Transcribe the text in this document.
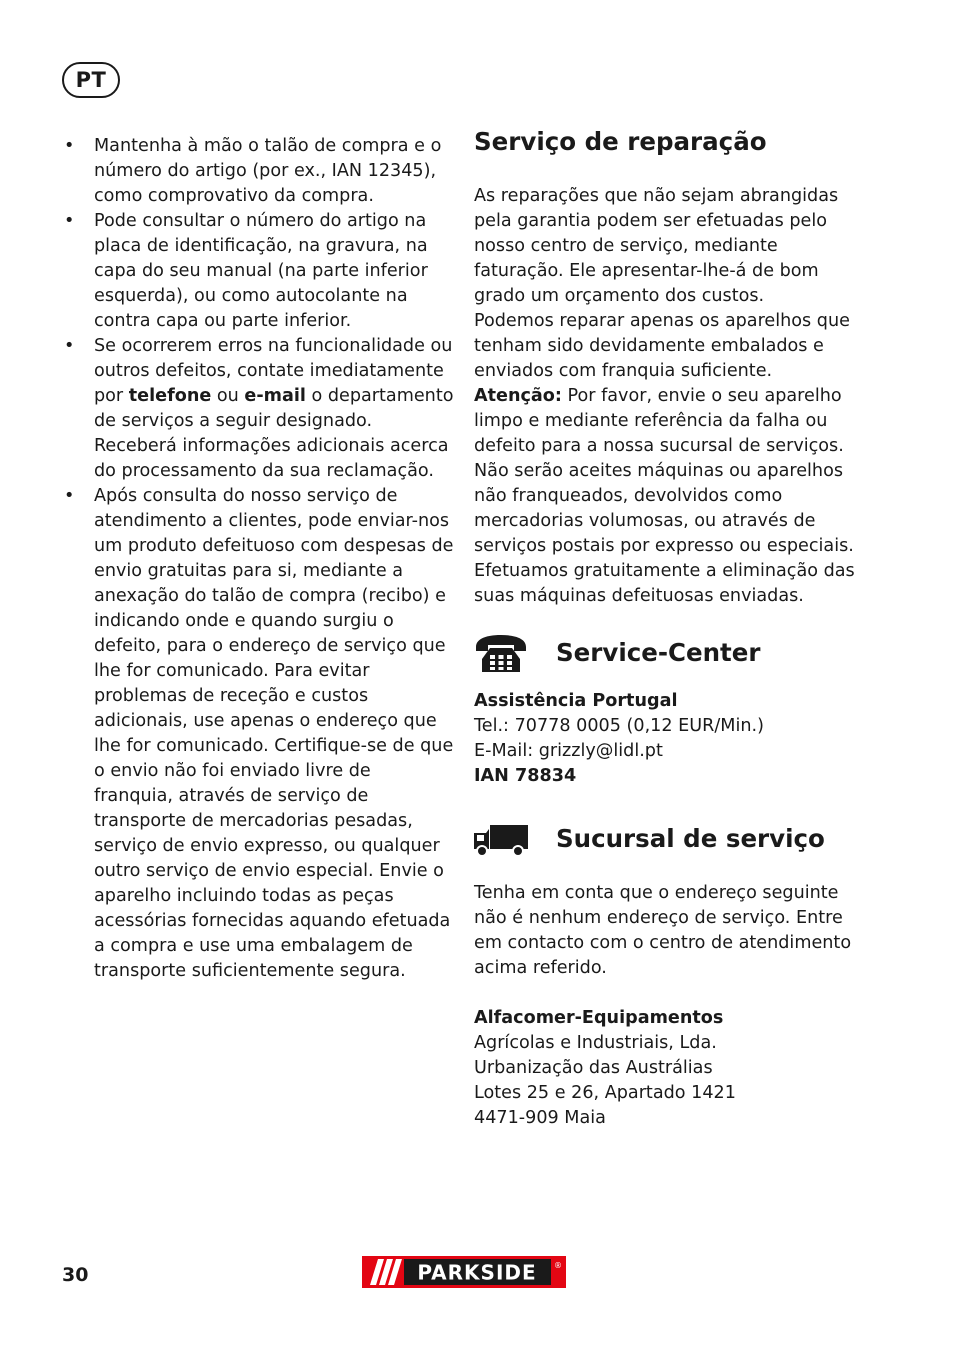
PT
• Mantenha à mão o talão de compra e o número do artigo (por ex., IAN 12345), como comprovativo da compra.
• Pode consultar o número do artigo na placa de identificação, na gravura, na capa do seu manual (na parte inferior esquerda), ou como autocolante na contra capa ou parte inferior.
• Se ocorrerem erros na funcionalidade ou outros defeitos, contate imediatamente por telefone ou e-mail o departamento de serviços a seguir designado. Receberá informações adicionais acerca do processamento da sua reclamação.
• Após consulta do nosso serviço de atendimento a clientes, pode enviar-nos um produto defeituoso com despesas de envio gratuitas para si, mediante a anexação do talão de compra (recibo) e indicando onde e quando surgiu o defeito, para o endereço de serviço que lhe for comunicado. Para evitar problemas de receção e custos adicionais, use apenas o endereço que lhe for comunicado. Certifique-se de que o envio não foi enviado livre de franquia, através de serviço de transporte de mercadorias pesadas, serviço de envio expresso, ou qualquer outro serviço de envio especial. Envie o aparelho incluindo todas as peças acessórias fornecidas aquando efetuada a compra e use uma embalagem de transporte suficientemente segura.
Serviço de reparação

As reparações que não sejam abrangidas pela garantia podem ser efetuadas pelo nosso centro de serviço, mediante faturação. Ele apresentar-lhe-á de bom grado um orçamento dos custos.

Podemos reparar apenas os aparelhos que tenham sido devidamente embalados e enviados com franquia suficiente.

Atenção: Por favor, envie o seu aparelho limpo e mediante referência da falha ou defeito para a nossa sucursal de serviços. Não serão aceites máquinas ou aparelhos não franqueados, devolvidos como mercadorias volumosas, ou através de serviços postais por expresso ou especiais. Efetuamos gratuitamente a eliminação das suas máquinas defeituosas enviadas.

Service-Center

Assistência Portugal

Tel.: 70778 0005 (0,12 EUR/Min.)

E-Mail: grizzly@lidl.pt

IAN 78834

Sucursal de serviço

Tenha em conta que o endereço seguinte não é nenhum endereço de serviço. Entre em contacto com o centro de atendimento acima referido.

Alfacomer-Equipamentos

Agrícolas e Industriais, Lda.

Urbanização das Austrálias

Lotes 25 e 26, Apartado 1421

4471-909 Maia

30	PARKSIDE ®
